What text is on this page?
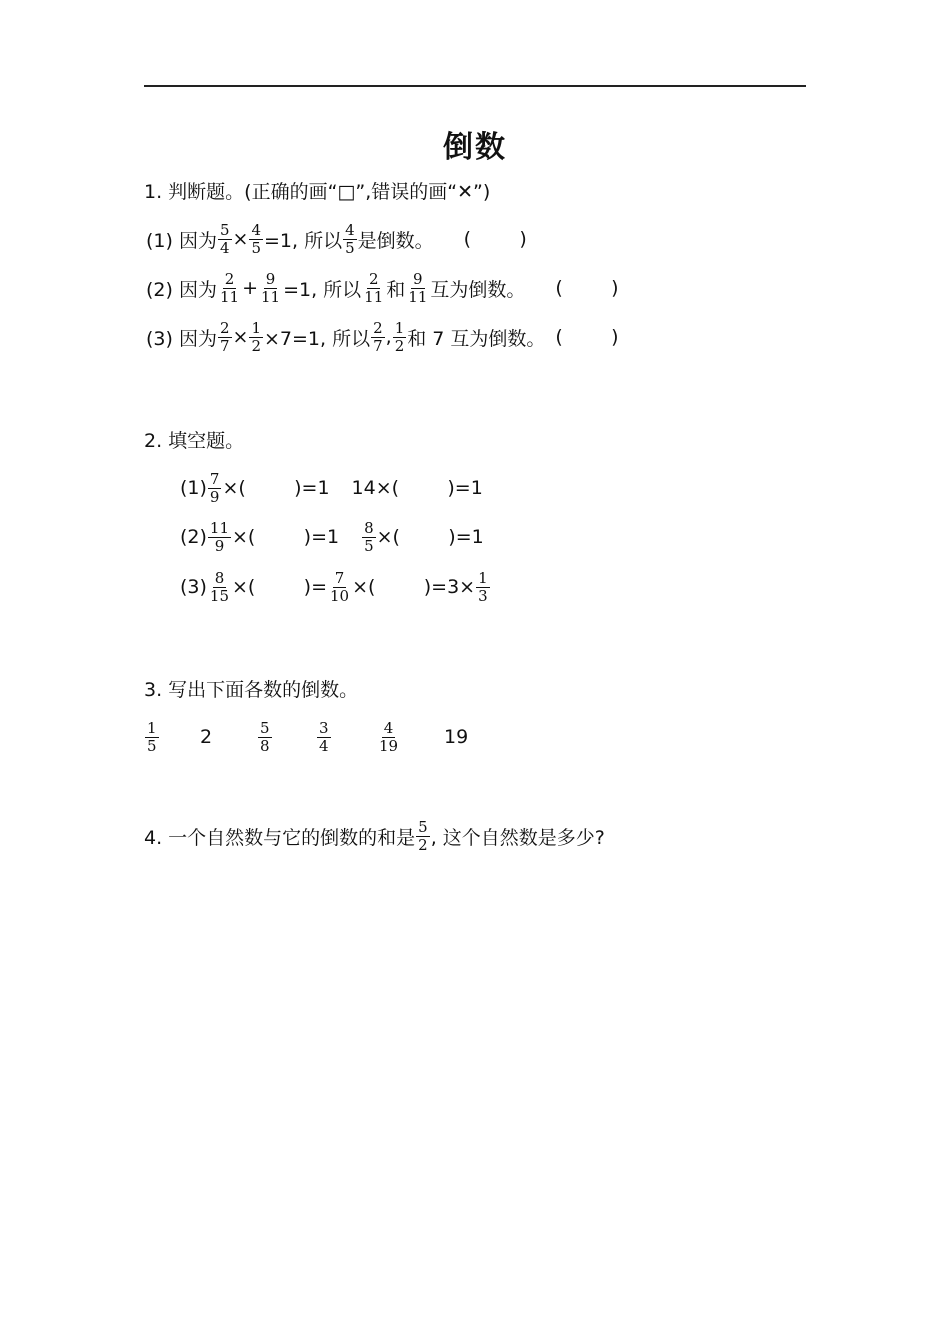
倒数
1. 判断题。(正确的画“□”,错误的画“✕”)
(1) 因为 $\frac{5}{4} \times \frac{4}{5} =1$, 所以 $\frac{4}{5}$ 是倒数。 (        )
(2) 因为 $\frac{2}{11} + \frac{9}{11} =1$, 所以 $\frac{2}{11}$ 和 $\frac{9}{11}$ 互为倒数。 (        )
(3) 因为 $\frac{2}{7} \times \frac{1}{2} \times 7=1$, 所以 $\frac{2}{7}$ , $\frac{1}{2}$ 和 7 互为倒数。 (        )
2. 填空题。
$(1) \frac{7}{9}$ ×(        )=1 14×(        )=1
$(2) \frac{11}{9}$ ×(        )$=1 \frac{8}{5}$ ×(        )=1
$(3) \frac{8}{15}$ ×(        )= $\frac{7}{10}$ ×(        )$=3\times \frac{1}{3}$
3. 写出下面各数的倒数。
$\frac{1}{5} 2$	$\frac{5}{8}$	$\frac{3}{4}$	$\frac{4}{19} 19$
4. 一个自然数与它的倒数的和是 $\frac{5}{2}$ , 这个自然数是多少?
